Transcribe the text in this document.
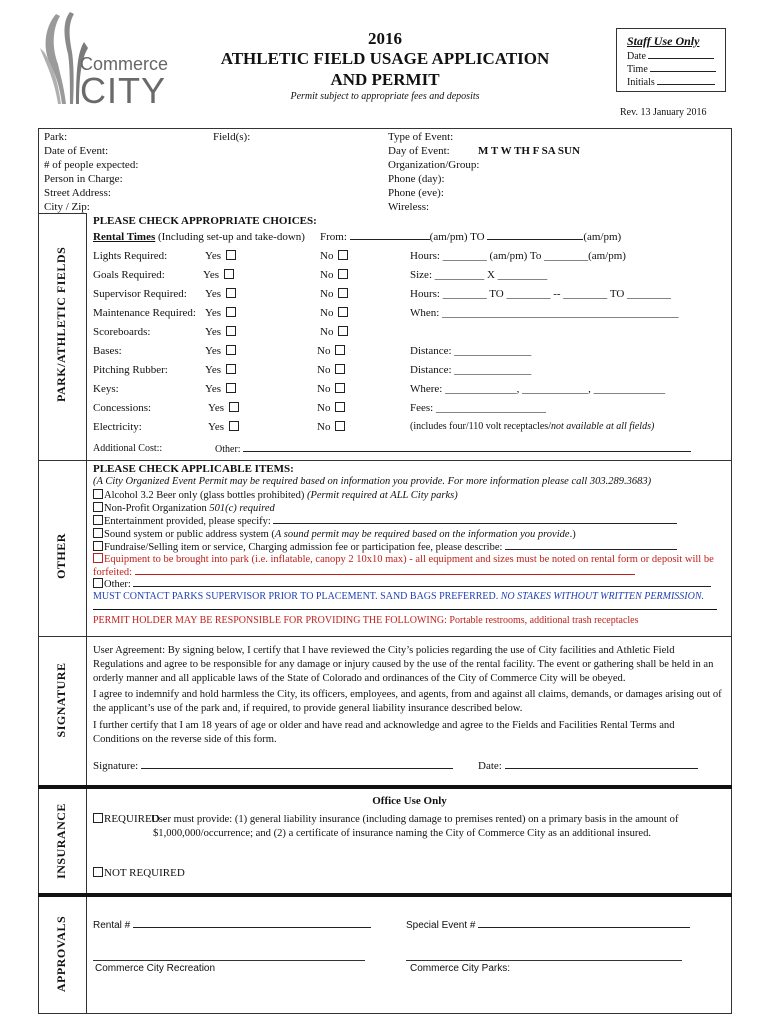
Commerce
CITY
2016
ATHLETIC FIELD USAGE APPLICATION
AND PERMIT
Permit subject to appropriate fees and deposits
Staff Use Only
Date
Time
Initials
Rev. 13 January 2016
Park:	Field(s):	Type of Event:
Date of Event:	Day of Event:	M T W TH F SA SUN
# of people expected:	Organization/Group:
Person in Charge:	Phone (day):
Street Address:	Phone (eve):
City / Zip:	Wireless:
PARK/ATHLETIC FIELDS
PLEASE CHECK APPROPRIATE CHOICES:
Rental Times (Including set-up and take-down) From:	(am/pm) TO	(am/pm)
Lights Required:	Yes	No	Hours: ________ (am/pm) To ________(am/pm)
Goals Required:	Yes	No	Size: _________ X _________
Supervisor Required: Yes	No	Hours: ________ TO ________ -- ________ TO ________
Maintenance Required: Yes	No	When: ___________________________________________
Scoreboards:	Yes	No
Bases:	Yes	No	Distance: ______________
Pitching Rubber:	Yes	No	Distance: ______________
Keys:	Yes	No	Where: _____________, ____________, _____________
Concessions:	Yes	No	Fees: ____________________
Electricity:	Yes	No	(includes four/110 volt receptacles/not available at all fields)
Additional Cost::	Other:
OTHER
PLEASE CHECK APPLICABLE ITEMS:
(A City Organized Event Permit may be required based on information you provide. For more information please call 303.289.3683)
Alcohol 3.2 Beer only (glass bottles prohibited) (Permit required at ALL City parks)
Non-Profit Organization 501(c) required
Entertainment provided, please specify:
Sound system or public address system (A sound permit may be required based on the information you provide.)
Fundraise/Selling item or service, Charging admission fee or participation fee, please describe:
Equipment to be brought into park (i.e. inflatable, canopy 2 10x10 max) - all equipment and sizes must be noted on rental form or deposit will be forfeited:
Other:
MUST CONTACT PARKS SUPERVISOR PRIOR TO PLACEMENT. SAND BAGS PREFERRED. NO STAKES WITHOUT WRITTEN PERMISSION.
PERMIT HOLDER MAY BE RESPONSIBLE FOR PROVIDING THE FOLLOWING: Portable restrooms, additional trash receptacles
SIGNATURE
User Agreement: By signing below, I certify that I have reviewed the City’s policies regarding the use of City facilities and Athletic Field Regulations and agree to be responsible for any damage or injury caused by the use of the rental facility. The event or gathering shall be held in an orderly manner and all applicable laws of the State of Colorado and ordinances of the City of Commerce City will be obeyed.
I agree to indemnify and hold harmless the City, its officers, employees, and agents, from and against all claims, demands, or damages arising out of the applicant’s use of the park and, if required, to provide general liability insurance described below.
I further certify that I am 18 years of age or older and have read and acknowledge and agree to the Fields and Facilities Rental Terms and Conditions on the reverse side of this form.
Signature:	Date:
INSURANCE
Office Use Only
REQUIRED -
User must provide: (1) general liability insurance (including damage to premises rented) on a primary basis in the amount of $1,000,000/occurrence; and (2) a certificate of insurance naming the City of Commerce City as an additional insured.
NOT REQUIRED
APPROVALS	Rental #	Special Event #
Commerce City Recreation	Commerce City Parks:
